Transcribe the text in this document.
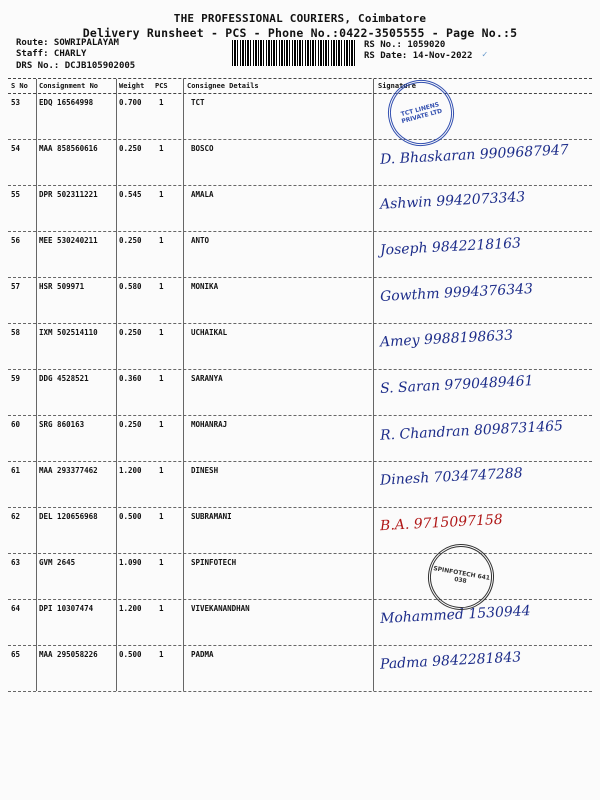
THE PROFESSIONAL COURIERS, Coimbatore
Delivery Runsheet - PCS - Phone No.:0422-3505555 - Page No.:5
Route: SOWRIPALAYAM
Staff: CHARLY
DRS No.: DCJB105902005
RS No.: 1059020
RS Date: 14-Nov-2022 ✓
S No Consignment No	Weight PCS	Consignee Details	Signature
53	EDQ 16564998	0.700 1	TCT
54	MAA 858560616	0.250 1	BOSCO	D. Bhaskaran 9909687947
55	DPR 502311221	0.545 1	AMALA	Ashwin 9942073343
56	MEE 530240211	0.250 1	ANTO	Joseph 9842218163
57	HSR 509971	0.580 1	MONIKA	Gowthm 9994376343
58	IXM 502514110	0.250 1	UCHAIKAL	Amey 9988198633
59	DDG 4528521	0.360 1	SARANYA	S. Saran 9790489461
60	SRG 860163	0.250 1	MOHANRAJ	R. Chandran 8098731465
61	MAA 293377462	1.200 1	DINESH	Dinesh 7034747288
62	DEL 120656968	0.500 1	SUBRAMANI	B.A. 9715097158
63	GVM 2645	1.090 1	SPINFOTECH
64	DPI 10307474	1.200 1	VIVEKANANDHAN	Mohammed 1530944
65	MAA 295058226	0.500 1	PADMA	Padma 9842281843
TCT LINENS PRIVATE LTD
SPINFOTECH 641 038
